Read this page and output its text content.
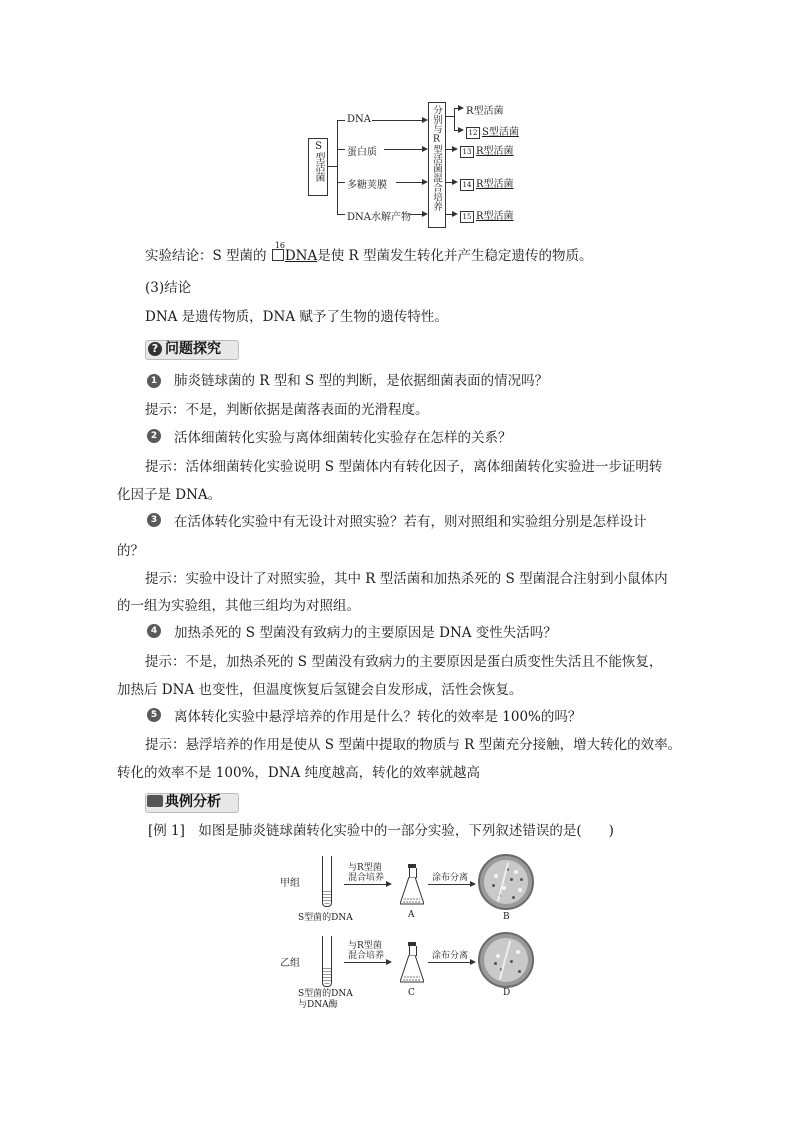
S型活菌
DNA
蛋白质
多糖荚膜
DNA水解产物
分别与R型活菌混合培养 R型活菌
12 S型活菌
13 R型活菌
14 R型活菌
15 R型活菌
实验结论：S 型菌的
16
DNA是使 R 型菌发生转化并产生稳定遗传的物质。
(3)结论
DNA 是遗传物质，DNA 赋予了生物的遗传特性。
? 问题探究
1 肺炎链球菌的 R 型和 S 型的判断，是依据细菌表面的情况吗？
提示：不是，判断依据是菌落表面的光滑程度。
2 活体细菌转化实验与离体细菌转化实验存在怎样的关系？
提示：活体细菌转化实验说明 S 型菌体内有转化因子，离体细菌转化实验进一步证明转
化因子是 DNA。
3 在活体转化实验中有无设计对照实验？若有，则对照组和实验组分别是怎样设计
的？
提示：实验中设计了对照实验，其中 R 型活菌和加热杀死的 S 型菌混合注射到小鼠体内
的一组为实验组，其他三组均为对照组。
4 加热杀死的 S 型菌没有致病力的主要原因是 DNA 变性失活吗？
提示：不是，加热杀死的 S 型菌没有致病力的主要原因是蛋白质变性失活且不能恢复，
加热后 DNA 也变性，但温度恢复后氢键会自发形成，活性会恢复。
5 离体转化实验中悬浮培养的作用是什么？转化的效率是 100%的吗？
提示：悬浮培养的作用是使从 S 型菌中提取的物质与 R 型菌充分接触，增大转化的效率。
转化的效率不是 100%，DNA 纯度越高，转化的效率就越高
典例分析
[例 1]　如图是肺炎链球菌转化实验中的一部分实验，下列叙述错误的是(　　)
甲组
S型菌的DNA
与R型菌
混合培养
A
涂布分离
B
乙组
S型菌的DNA
与DNA酶
与R型菌
混合培养
C
涂布分离
D
